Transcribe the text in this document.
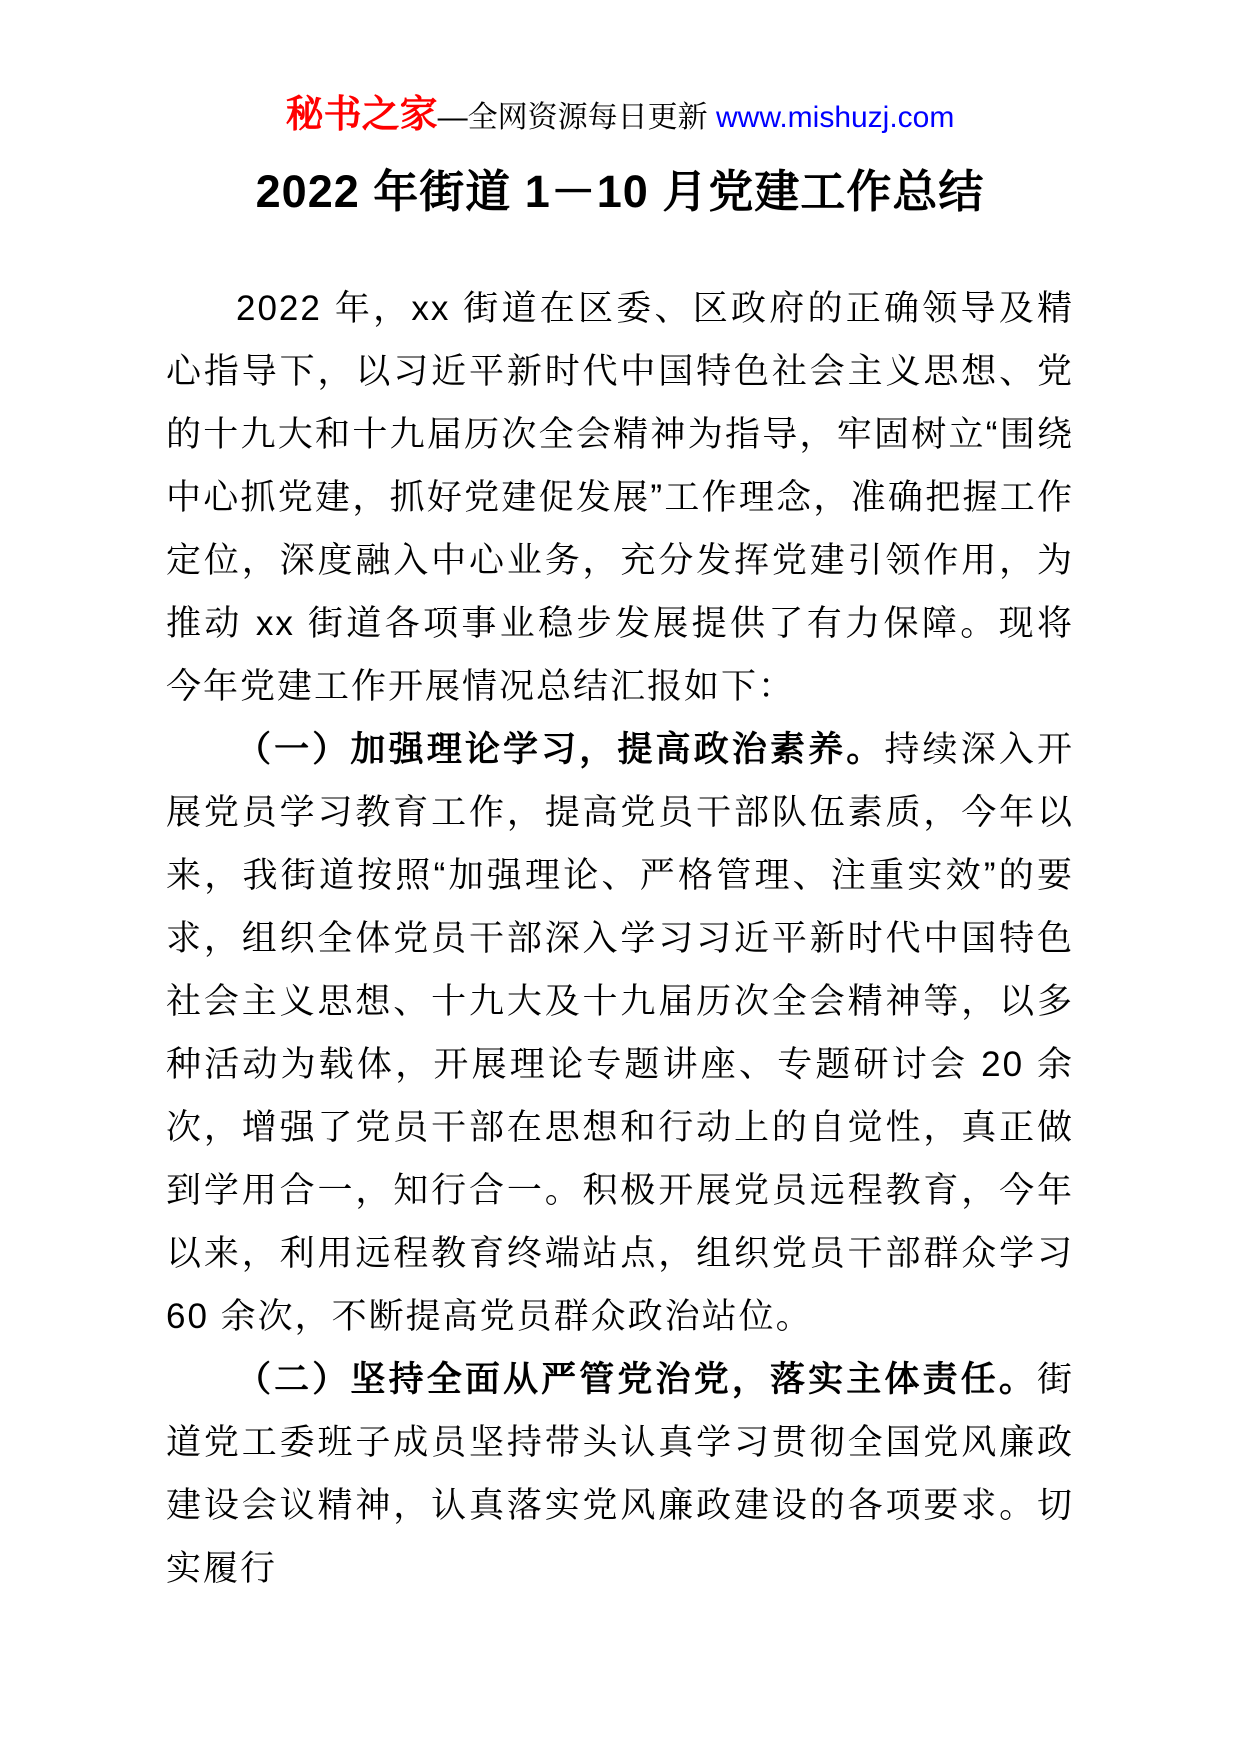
秘书之家—全网资源每日更新 www.mishuzj.com
2022 年街道 1－10 月党建工作总结

2022 年，xx 街道在区委、区政府的正确领导及精心指导下，以习近平新时代中国特色社会主义思想、党的十九大和十九届历次全会精神为指导，牢固树立“围绕中心抓党建，抓好党建促发展”工作理念，准确把握工作定位，深度融入中心业务，充分发挥党建引领作用，为推动 xx 街道各项事业稳步发展提供了有力保障。现将今年党建工作开展情况总结汇报如下：

（一）加强理论学习，提高政治素养。持续深入开展党员学习教育工作，提高党员干部队伍素质，今年以来，我街道按照“加强理论、严格管理、注重实效”的要求，组织全体党员干部深入学习习近平新时代中国特色社会主义思想、十九大及十九届历次全会精神等，以多种活动为载体，开展理论专题讲座、专题研讨会 20 余次，增强了党员干部在思想和行动上的自觉性，真正做到学用合一，知行合一。积极开展党员远程教育，今年以来，利用远程教育终端站点，组织党员干部群众学习 60 余次，不断提高党员群众政治站位。

（二）坚持全面从严管党治党，落实主体责任。街道党工委班子成员坚持带头认真学习贯彻全国党风廉政建设会议精神，认真落实党风廉政建设的各项要求。切实履行
